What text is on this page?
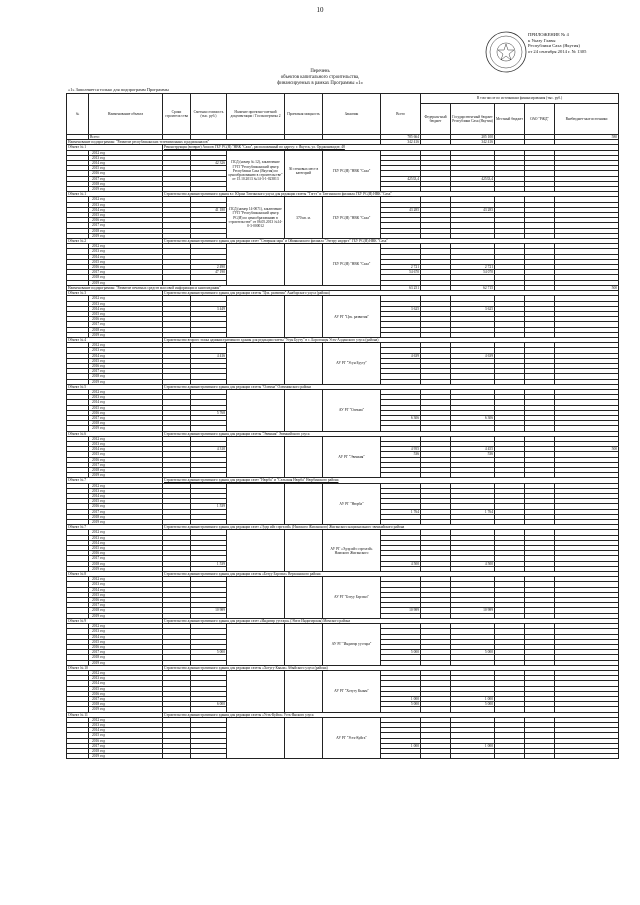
10
ПРИЛОЖЕНИЕ № 4
к Указу Главы
Республики Саха (Якутия)
от 24 сентября 2014 г. № 1305
Перечень
объектов капитального строительства,
финансируемых в рамках Программы «1»
«1» Заполняется только для подпрограмм Программы
№	Наименование объекта	Сроки строитель-ства	Сметная стоимость (тыс. руб.)	Наличие проектно-сметной документации / Госэкспертизы 2	Проектная мощность	Заказчик	Всего	В том числе по источникам финансирования (тыс. руб.)				
								Федераль-ный бюджет	Государствен-ный бюджет Республики Саха (Якутия)	Местный бюджет	ОАО "РЖД"	Внебюджет-ные источники
	Всего:						785 664		205 100			580
Наименование подпрограммы: "Развитие республиканских телевизионных и радиоканалов"							342 416		342 416			
Объект № 1		Реконструкция (возврат) Апасов ГБУ РС(Я) "НВК "Саха", расположенный по адресу: г. Якутск, ул. Орджоникидзе, 48										
	2012 год			ПСД (номер № 12), заключение ГУП "Республиканский центр Республики Саха (Якутия) по ценообразованию в строительстве" от 15.10.2013 №14-3-1-023813	36 стеновых мест в категорий	ГБУ РС(Я) "НВК "Саха"						
	2013 год											
	2014 год		42 326									
	2015 год											
	2016 год											
	2017 год						42533,4		42533,4			
	2018 год											
	2019 год											
Объект № 1		Строительство административного здания в г. Юрша Татгинского улуса для редакции газеты "Тэгтэ" и Татгинского филиала ГБУ РС(Я) НВК "Саха"										
	2012 год			ПСД (номер 14-0071), заключение ГУП "Республиканский центр РС(Я) по ценообразованию в строительстве" от 06.05.2013 №14-0-3-000012	370 кв. м.	ГБУ РС(Я) "НВК "Саха"						
	2013 год											
	2014 год		41 180				43 285		43 285			
	2015 год											
	2016 год											
	2017 год											
	2018 год											
	2019 год											
Объект № 2		Строительство административного здания для редакции газет "Северная заря" и Оймяконского филиала "Эхтэру нэдэргэ" ГБУ РС(Я) НВК "Саха"										
	2012 год					ГБУ РС(Я) "НВК "Саха"						
	2013 год											
	2014 год											
	2015 год											
	2016 год		2 490				2 721		2 721			
	2017 год		47 190				54 670		54 070			
	2018 год											
	2019 год											
Наименование подпрограммы: "Развитие печатных средств массовой информации и книгоиздания"							63 251		62 715			500
Объект № 3		Строительство административного здания для редакции газеты "Цэх. развития" Анабарского улуса (района)										
	2012 год					АУ РГ "Цэх. развития"						
	2013 год											
	2014 год		3 449				3 625		3 625			
	2015 год											
	2016 год											
	2017 год											
	2018 год											
	2019 год											
Объект № 4		Строительство второго этажа административного здания для редакции газеты "Усун Бууту" в с. Борогонцы Усть-Алданского улуса (района)										
	2012 год					АУ РГ "Усун Бууту"						
	2013 год											
	2014 год		4 416				4 639		4 639			
	2015 год											
	2016 год											
	2017 год											
	2018 год											
	2019 год											
Объект № 5		Строительство административного здания для редакции газеты "Олекма" Олекминского района										
	2012 год					АУ РГ "Олекма"						
	2013 год											
	2014 год											
	2015 год											
	2016 год		5 768									
	2017 год						6 306		6 306			
	2018 год											
	2019 год											
Объект № 6		Строительство административного здания для редакции газеты "Эвенкия" Эвенкийского улуса										
	2012 год					АУ РГ "Эвенкия"						
	2013 год											
	2014 год		4 310				4 955		4 455			500
	2015 год						536		536			
	2016 год											
	2017 год											
	2018 год											
	2019 год											
Объект № 7		Строительство административного здания для редакции газет "Нюрба" и "Сельская Нюрба" Нюрбинского района										
	2012 год					АУ РГ "Нюрба"						
	2013 год											
	2014 год											
	2015 год											
	2016 год		1 539									
	2017 год						1 764		1 764			
	2018 год											
	2019 год											
Объект № 7		Строительство административного здания для редакции газет «Эдэр ийэ сэргэлэй» (Намского Жиганского) Жиганского национального эвенкийского района										
	2012 год					АУ РГ «Эдэр ийэ сэргэлэй» Намского Жиганского						
	2013 год											
	2014 год											
	2015 год											
	2016 год											
	2017 год											
	2018 год		1 539				4 500		4 500			
	2019 год											
Объект № 8		Строительство административного здания для редакции газеты «Бэтуу Бэрээкэ» Верхоянского района										
	2012 год					АУ РГ "Бэтуу Бэрээкэ"						
	2013 год											
	2014 год											
	2015 год											
	2016 год											
	2017 год											
	2018 год		10 989				10 989		10 989			
	2019 год											
Объект № 9		Строительство административного здания для редакции газет «Индигир уустара» (Эһэээ Индигирская) Момского района										
	2012 год					АУ РГ "Индигир уустара"						
	2013 год											
	2014 год											
	2015 год											
	2016 год											
	2017 год		5 000				5 000		5 000			
	2018 год											
	2019 год											
Объект № 10		Строительство административного здания для редакции газеты «Хотугу Кыым» Абыйского улуса (района)										
	2012 год					АУ РГ "Хотугу Кыым"						
	2013 год											
	2014 год											
	2015 год											
	2016 год											
	2017 год						1 000		1 000			
	2018 год		6 000				5 000		5 000			
	2019 год											
Объект № 11		Строительство административного здания для редакции газеты «Усть-Куйга» Усть-Янского улуса										
	2012 год					АУ РГ "Усть-Куйга"						
	2013 год											
	2014 год											
	2015 год											
	2016 год											
	2017 год						1 000		1 000			
	2018 год											
	2019 год											
